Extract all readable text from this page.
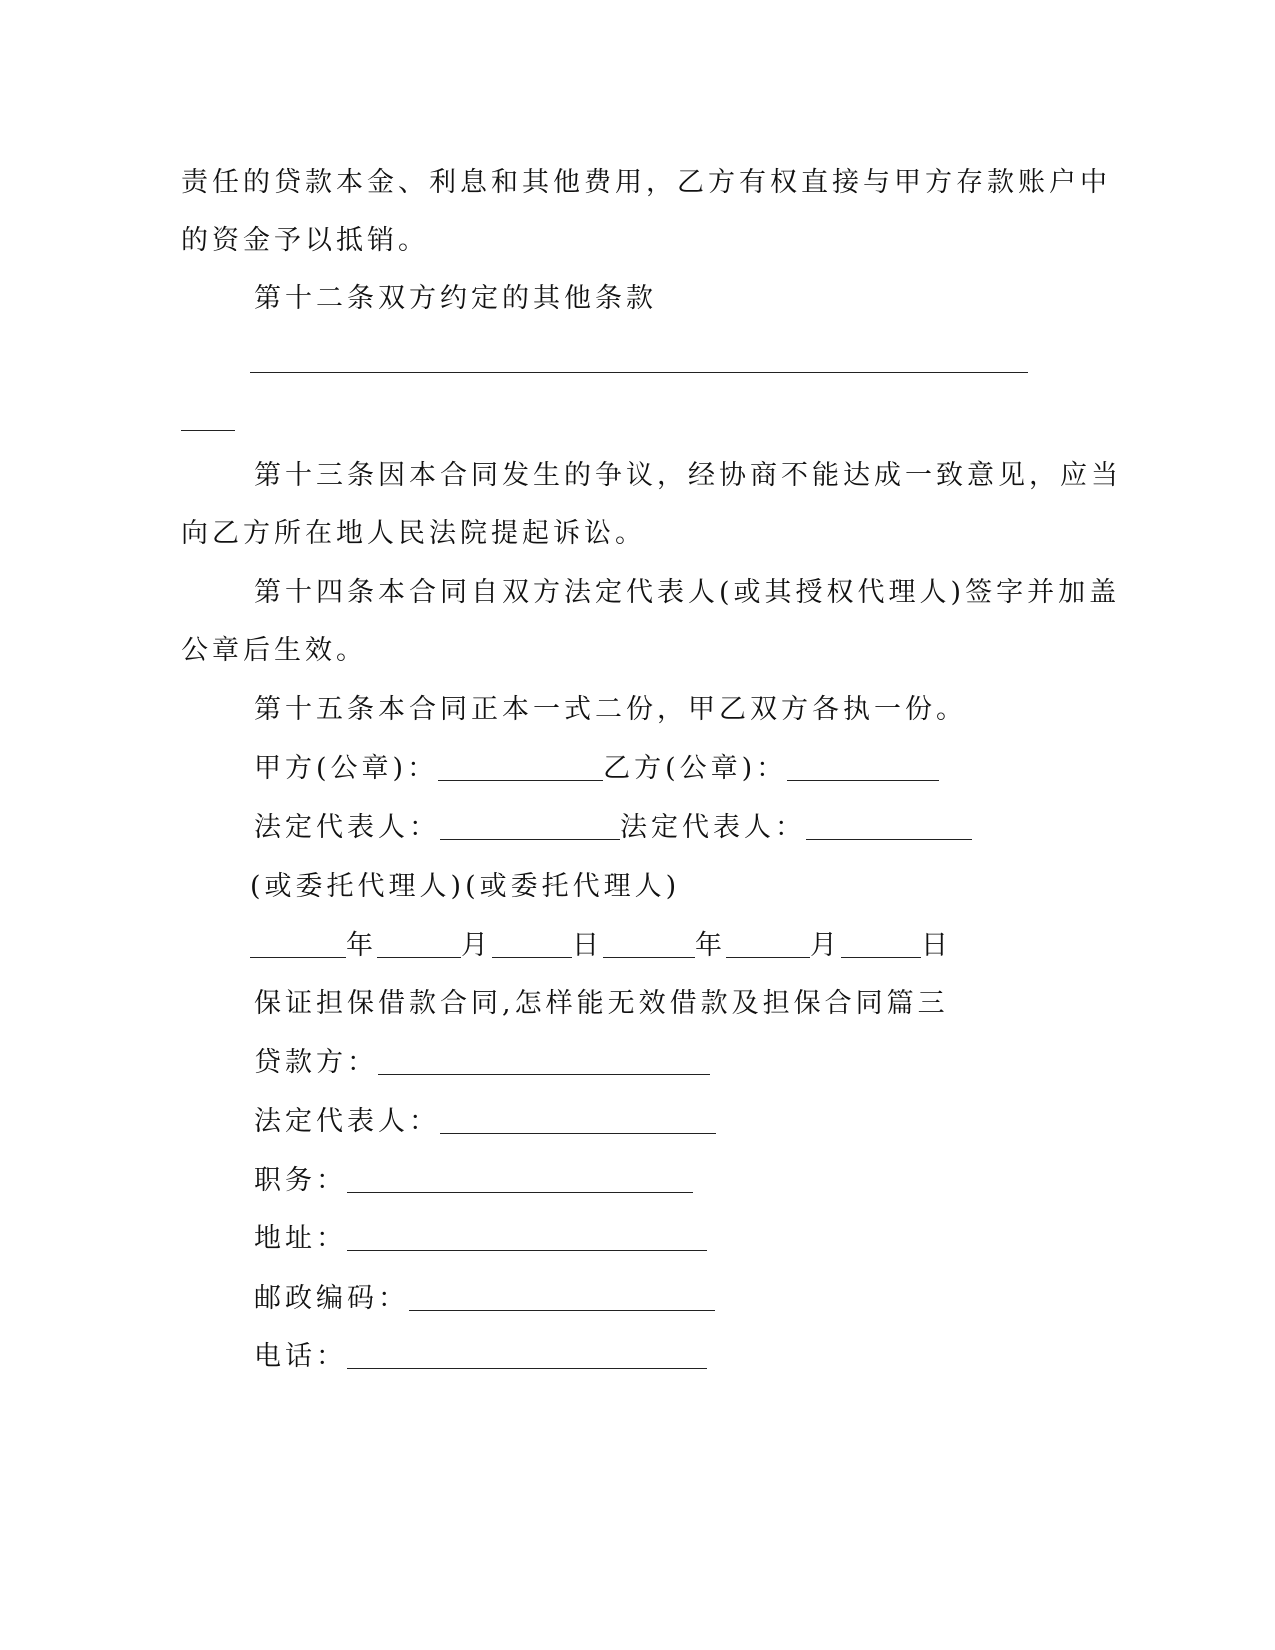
责任的贷款本金、利息和其他费用，乙方有权直接与甲方存款账户中
的资金予以抵销。
第十二条双方约定的其他条款
第十三条因本合同发生的争议，经协商不能达成一致意见，应当
向乙方所在地人民法院提起诉讼。
第十四条本合同自双方法定代表人(或其授权代理人)签字并加盖
公章后生效。
第十五条本合同正本一式二份，甲乙双方各执一份。
甲方(公章)：	乙方(公章)：
法定代表人：	法定代表人：
(或委托代理人)(或委托代理人)
年	月	日	年	月	日
保证担保借款合同,怎样能无效借款及担保合同篇三
贷款方：
法定代表人：
职务：
地址：
邮政编码：
电话：
